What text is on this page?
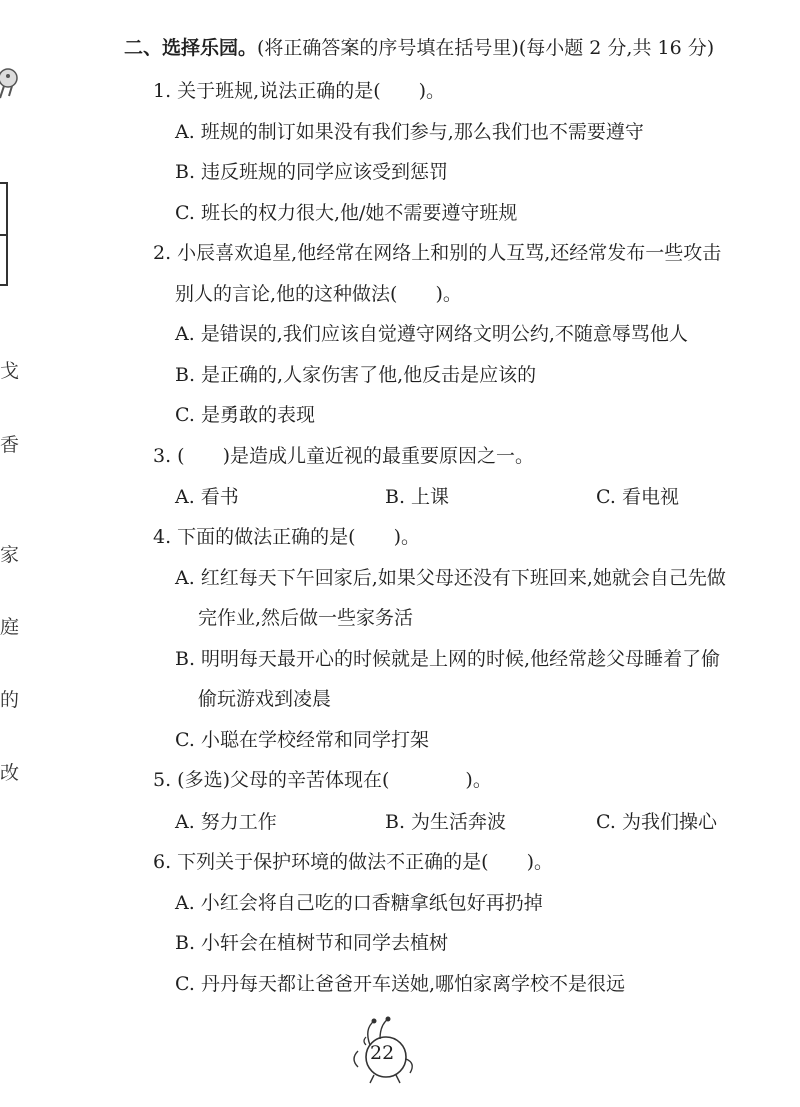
戈
香
家
庭
的
改
二、选择乐园。(将正确答案的序号填在括号里)(每小题 2 分,共 16 分)
1. 关于班规,说法正确的是(　　)。
A. 班规的制订如果没有我们参与,那么我们也不需要遵守
B. 违反班规的同学应该受到惩罚
C. 班长的权力很大,他/她不需要遵守班规
2. 小辰喜欢追星,他经常在网络上和别的人互骂,还经常发布一些攻击
别人的言论,他的这种做法(　　)。
A. 是错误的,我们应该自觉遵守网络文明公约,不随意辱骂他人
B. 是正确的,人家伤害了他,他反击是应该的
C. 是勇敢的表现
3. (　　)是造成儿童近视的最重要原因之一。
A. 看书	B. 上课	C. 看电视
4. 下面的做法正确的是(　　)。
A. 红红每天下午回家后,如果父母还没有下班回来,她就会自己先做
完作业,然后做一些家务活
B. 明明每天最开心的时候就是上网的时候,他经常趁父母睡着了偷
偷玩游戏到凌晨
C. 小聪在学校经常和同学打架
5. (多选)父母的辛苦体现在(　　　　)。
A. 努力工作	B. 为生活奔波	C. 为我们操心
6. 下列关于保护环境的做法不正确的是(　　)。
A. 小红会将自己吃的口香糖拿纸包好再扔掉
B. 小轩会在植树节和同学去植树
C. 丹丹每天都让爸爸开车送她,哪怕家离学校不是很远
22
